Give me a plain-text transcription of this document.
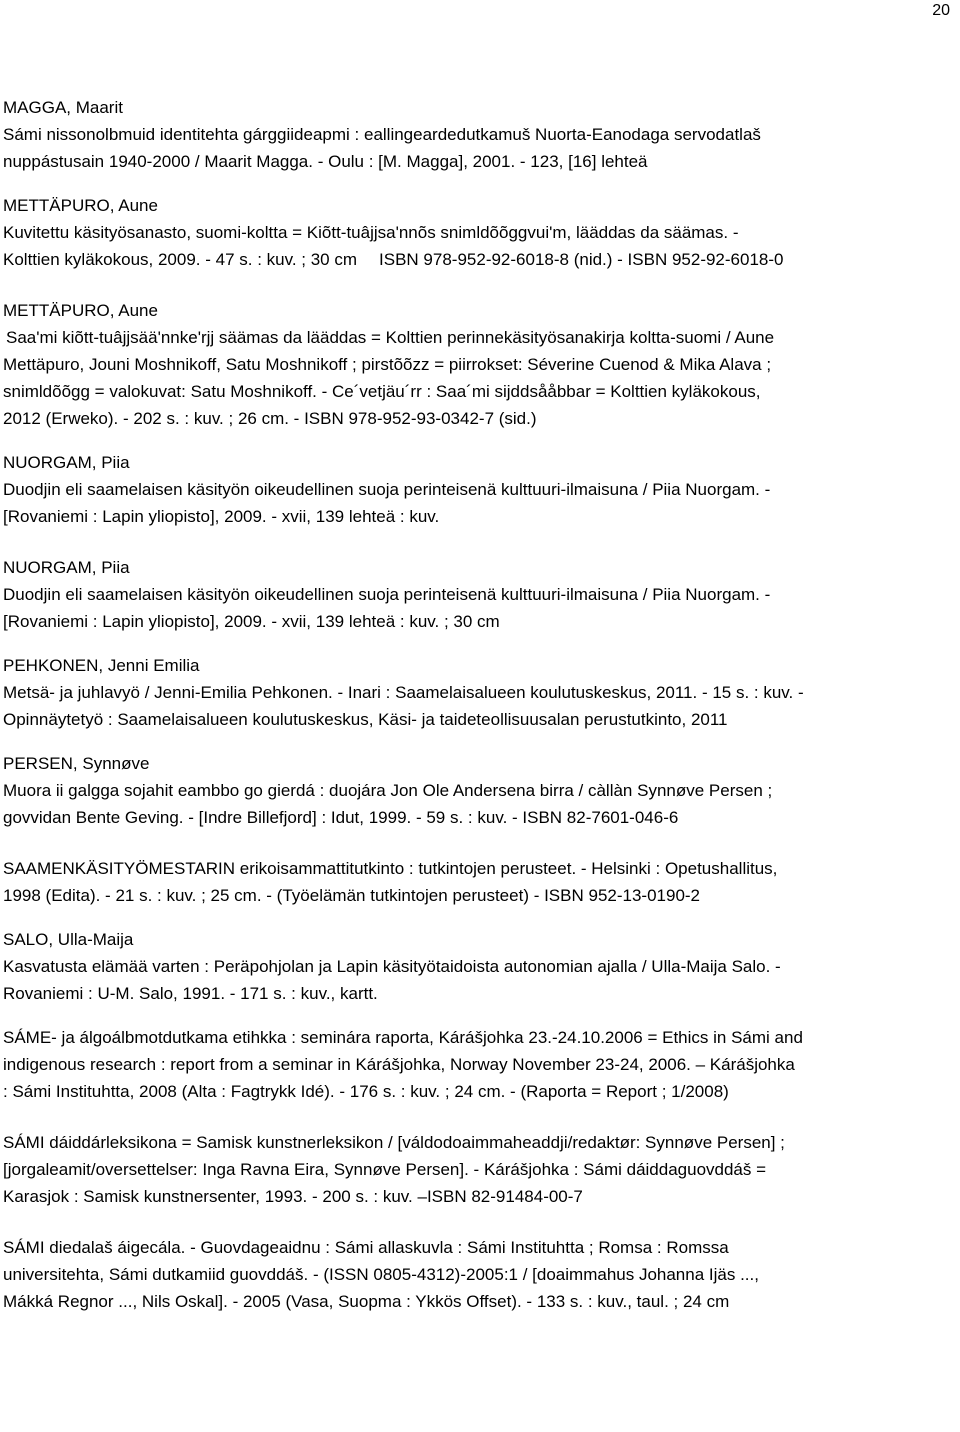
20
MAGGA, Maarit
Sámi nissonolbmuid identitehta gárggiideapmi : eallingeardedutkamuš Nuorta-Eanodaga servodatlaš
nuppástusain 1940-2000 / Maarit Magga. - Oulu : [M. Magga], 2001. - 123, [16] lehteä
METTÄPURO, Aune
Kuvitettu käsityösanasto, suomi-koltta = Kiõtt-tuâjjsa'nnõs snimldõõggvui'm, lääddas da säämas. -
Kolttien kyläkokous, 2009. - 47 s. : kuv. ; 30 cm ISBN 978-952-92-6018-8 (nid.) - ISBN 952-92-6018-0
METTÄPURO, Aune
Saa'mi kiõtt-tuâjjsää'nnke'rjj säämas da lääddas = Kolttien perinnekäsityösanakirja koltta-suomi / Aune
Mettäpuro, Jouni Moshnikoff, Satu Moshnikoff ; pirstõõzz = piirrokset: Séverine Cuenod & Mika Alava ;
snimldõõgg = valokuvat: Satu Moshnikoff. - Ce´vetjäu´rr : Saa´mi sijddsååbbar = Kolttien kyläkokous,
2012 (Erweko). - 202 s. : kuv. ; 26 cm. - ISBN 978-952-93-0342-7 (sid.)
NUORGAM, Piia
Duodjin eli saamelaisen käsityön oikeudellinen suoja perinteisenä kulttuuri-ilmaisuna / Piia Nuorgam. -
[Rovaniemi : Lapin yliopisto], 2009. - xvii, 139 lehteä : kuv.
NUORGAM, Piia
Duodjin eli saamelaisen käsityön oikeudellinen suoja perinteisenä kulttuuri-ilmaisuna / Piia Nuorgam. -
[Rovaniemi : Lapin yliopisto], 2009. - xvii, 139 lehteä : kuv. ; 30 cm
PEHKONEN, Jenni Emilia
Metsä- ja juhlavyö / Jenni-Emilia Pehkonen. - Inari : Saamelaisalueen koulutuskeskus, 2011. - 15 s. : kuv. -
Opinnäytetyö : Saamelaisalueen koulutuskeskus, Käsi- ja taideteollisuusalan perustutkinto, 2011
PERSEN, Synnøve
Muora ii galgga sojahit eambbo go gierdá : duojára Jon Ole Andersena birra / càllàn Synnøve Persen ;
govvidan Bente Geving. - [Indre Billefjord] : Idut, 1999. - 59 s. : kuv. - ISBN 82-7601-046-6
SAAMENKÄSITYÖMESTARIN erikoisammattitutkinto : tutkintojen perusteet. - Helsinki : Opetushallitus,
1998 (Edita). - 21 s. : kuv. ; 25 cm. - (Työelämän tutkintojen perusteet) - ISBN 952-13-0190-2
SALO, Ulla-Maija
Kasvatusta elämää varten : Peräpohjolan ja Lapin käsityötaidoista autonomian ajalla / Ulla-Maija Salo. -
Rovaniemi : U-M. Salo, 1991. - 171 s. : kuv., kartt.
SÁME- ja álgoálbmotdutkama etihkka : seminára raporta, Kárášjohka 23.-24.10.2006 = Ethics in Sámi and
indigenous research : report from a seminar in Kárášjohka, Norway November 23-24, 2006. – Kárášjohka
: Sámi Instituhtta, 2008 (Alta : Fagtrykk Idé). - 176 s. : kuv. ; 24 cm. - (Raporta = Report ; 1/2008)
SÁMI dáiddárleksikona = Samisk kunstnerleksikon / [váldodoaimmaheaddji/redaktør: Synnøve Persen] ;
[jorgaleamit/oversettelser: Inga Ravna Eira, Synnøve Persen]. - Kárášjohka : Sámi dáiddaguovddáš =
Karasjok : Samisk kunstnersenter, 1993. - 200 s. : kuv. –ISBN 82-91484-00-7
SÁMI diedalaš áigecála. - Guovdageaidnu : Sámi allaskuvla : Sámi Instituhtta ; Romsa : Romssa
universitehta, Sámi dutkamiid guovddáš. - (ISSN 0805-4312)-2005:1 / [doaimmahus Johanna Ijäs ...,
Mákká Regnor ..., Nils Oskal]. - 2005 (Vasa, Suopma : Ykkös Offset). - 133 s. : kuv., taul. ; 24 cm
